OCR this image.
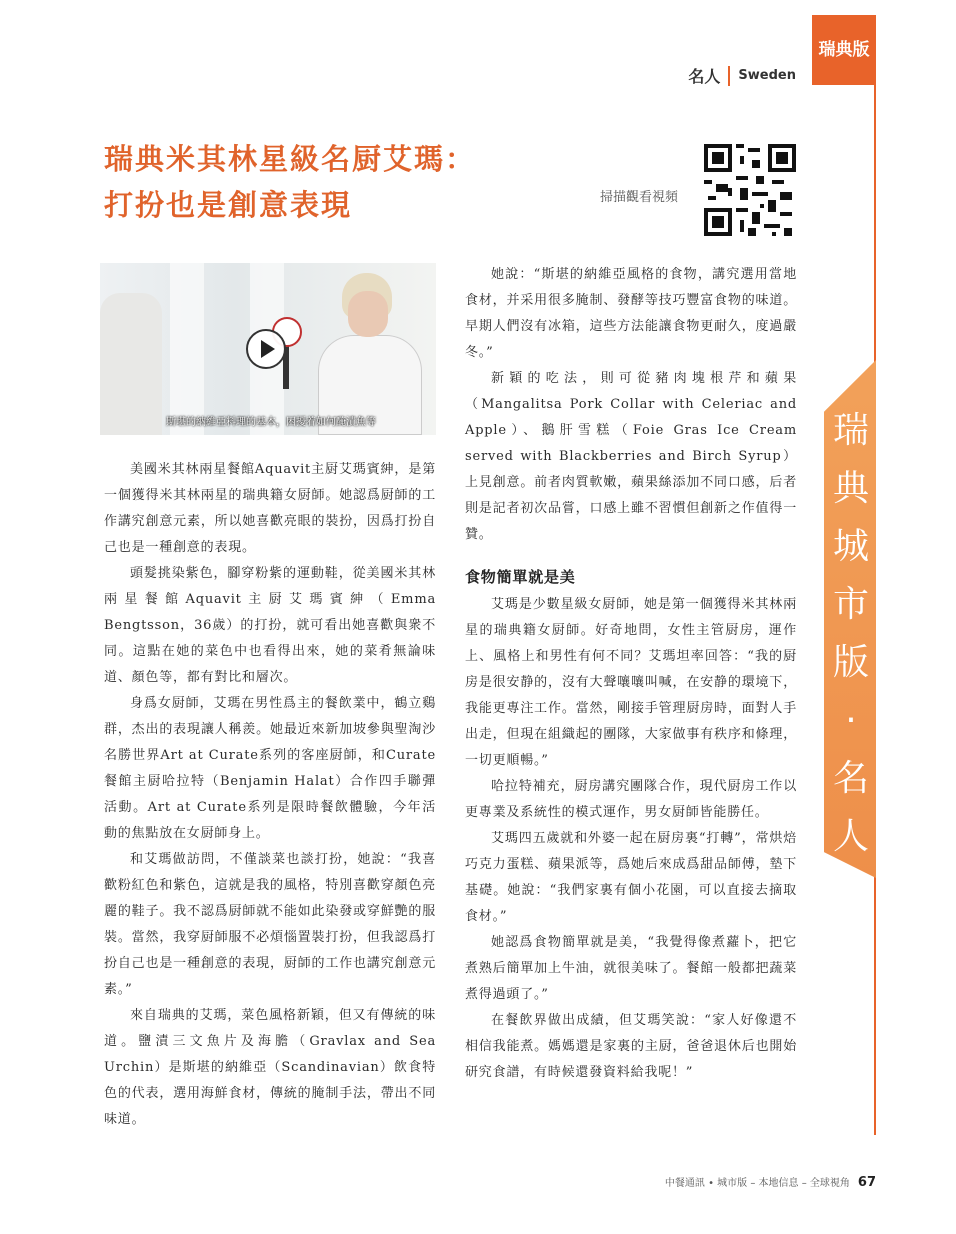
瑞典版
名人 Sweden
瑞典米其林星級名厨艾瑪：
打扮也是創意表現	掃描觀看視頻
斯堪的納維亞料理的基本，困擾着如何醃漬魚等

美國米其林兩星餐館Aquavit主厨艾瑪賓紳，是第一個獲得米其林兩星的瑞典籍女厨師。她認爲厨師的工作講究創意元素，所以她喜歡亮眼的裝扮，因爲打扮自己也是一種創意的表現。

頭髮挑染紫色，腳穿粉紫的運動鞋，從美國米其林兩星餐館Aquavit主厨艾瑪賓紳（Emma Bengtsson，36歲）的打扮，就可看出她喜歡與衆不同。這點在她的菜色中也看得出來，她的菜肴無論味道、顏色等，都有對比和層次。

身爲女厨師，艾瑪在男性爲主的餐飲業中，鶴立鷄群，杰出的表現讓人稱羨。她最近來新加坡參與聖淘沙名勝世界Art at Curate系列的客座厨師，和Curate餐館主厨哈拉特（Benjamin Halat）合作四手聯彈活動。Art at Curate系列是限時餐飲體驗，今年活動的焦點放在女厨師身上。

和艾瑪做訪問，不僅談菜也談打扮，她說：“我喜歡粉紅色和紫色，這就是我的風格，特別喜歡穿顏色亮麗的鞋子。我不認爲厨師就不能如此染發或穿鮮艷的服裝。當然，我穿厨師服不必煩惱置裝打扮，但我認爲打扮自己也是一種創意的表現，厨師的工作也講究創意元素。”

來自瑞典的艾瑪，菜色風格新穎，但又有傳統的味道。鹽漬三文魚片及海膽（Gravlax and Sea Urchin）是斯堪的納維亞（Scandinavian）飲食特色的代表，選用海鮮食材，傳統的腌制手法，帶出不同味道。

她說：“斯堪的納維亞風格的食物，講究選用當地食材，并采用很多腌制、發酵等技巧豐富食物的味道。早期人們沒有冰箱，這些方法能讓食物更耐久，度過嚴冬。”

新穎的吃法，則可從豬肉塊根芹和蘋果（Mangalitsa Pork Collar with Celeriac and Apple）、鵝肝雪糕（Foie Gras Ice Cream served with Blackberries and Birch Syrup）上見創意。前者肉質軟嫩，蘋果絲添加不同口感，后者則是記者初次品嘗，口感上雖不習慣但創新之作值得一贊。

食物簡單就是美

艾瑪是少數星級女厨師，她是第一個獲得米其林兩星的瑞典籍女厨師。好奇地問，女性主管厨房，運作上、風格上和男性有何不同？艾瑪坦率回答：“我的厨房是很安静的，沒有大聲嚷嚷叫喊，在安静的環境下，我能更專注工作。當然，剛接手管理厨房時，面對人手出走，但現在組織起的團隊，大家做事有秩序和條理，一切更順暢。”

哈拉特補充，厨房講究團隊合作，現代厨房工作以更專業及系統性的模式運作，男女厨師皆能勝任。

艾瑪四五歲就和外婆一起在厨房裏“打轉”，常烘焙巧克力蛋糕、蘋果派等，爲她后來成爲甜品師傅，墊下基礎。她說：“我們家裏有個小花園，可以直接去摘取食材。”

她認爲食物簡單就是美，“我覺得像煮蘿卜，把它煮熟后簡單加上牛油，就很美味了。餐館一般都把蔬菜煮得過頭了。”

在餐飲界做出成績，但艾瑪笑說：“家人好像還不相信我能煮。媽媽還是家裏的主厨，爸爸退休后也開始研究食譜，有時候還發資料給我呢！”

瑞
典
城
市
版
·
名
人
中餐通訊 • 城市版 – 本地信息 – 全球視角 67
